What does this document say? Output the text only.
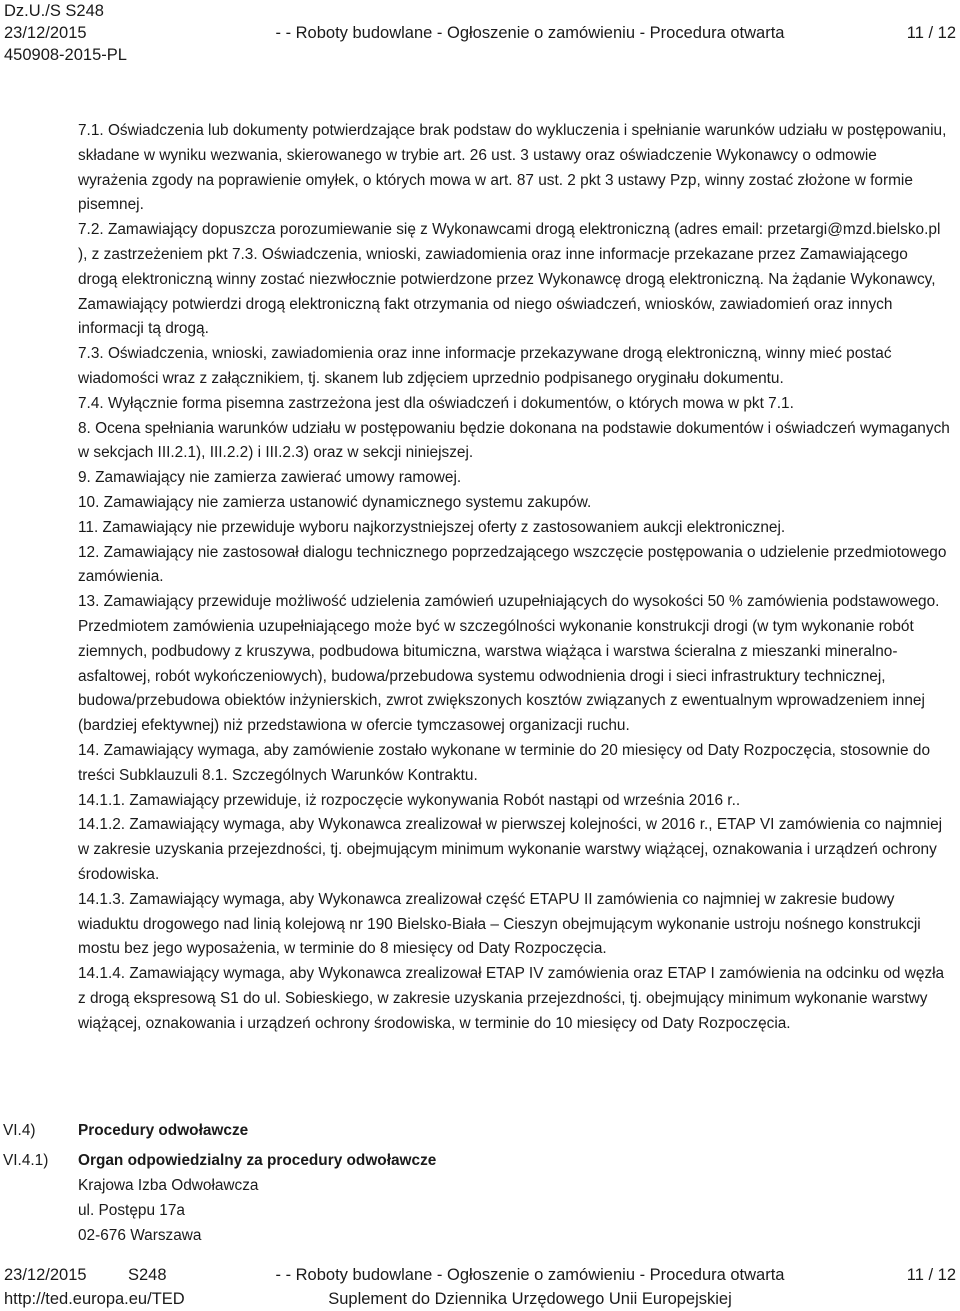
Dz.U./S S248
23/12/2015	- - Roboty budowlane - Ogłoszenie o zamówieniu - Procedura otwarta	11 / 12
450908-2015-PL

7.1. Oświadczenia lub dokumenty potwierdzające brak podstaw do wykluczenia i spełnianie warunków udziału w postępowaniu, składane w wyniku wezwania, skierowanego w trybie art. 26 ust. 3 ustawy oraz oświadczenie Wykonawcy o odmowie wyrażenia zgody na poprawienie omyłek, o których mowa w art. 87 ust. 2 pkt 3 ustawy Pzp, winny zostać złożone w formie pisemnej.

7.2. Zamawiający dopuszcza porozumiewanie się z Wykonawcami drogą elektroniczną (adres email: przetargi@mzd.bielsko.pl ), z zastrzeżeniem pkt 7.3. Oświadczenia, wnioski, zawiadomienia oraz inne informacje przekazane przez Zamawiającego drogą elektroniczną winny zostać niezwłocznie potwierdzone przez Wykonawcę drogą elektroniczną. Na żądanie Wykonawcy, Zamawiający potwierdzi drogą elektroniczną fakt otrzymania od niego oświadczeń, wniosków, zawiadomień oraz innych informacji tą drogą.

7.3. Oświadczenia, wnioski, zawiadomienia oraz inne informacje przekazywane drogą elektroniczną, winny mieć postać wiadomości wraz z załącznikiem, tj. skanem lub zdjęciem uprzednio podpisanego oryginału dokumentu.

7.4. Wyłącznie forma pisemna zastrzeżona jest dla oświadczeń i dokumentów, o których mowa w pkt 7.1.

8. Ocena spełniania warunków udziału w postępowaniu będzie dokonana na podstawie dokumentów i oświadczeń wymaganych w sekcjach III.2.1), III.2.2) i III.2.3) oraz w sekcji niniejszej.

9. Zamawiający nie zamierza zawierać umowy ramowej.

10. Zamawiający nie zamierza ustanowić dynamicznego systemu zakupów.

11. Zamawiający nie przewiduje wyboru najkorzystniejszej oferty z zastosowaniem aukcji elektronicznej.

12. Zamawiający nie zastosował dialogu technicznego poprzedzającego wszczęcie postępowania o udzielenie przedmiotowego zamówienia.

13. Zamawiający przewiduje możliwość udzielenia zamówień uzupełniających do wysokości 50 % zamówienia podstawowego. Przedmiotem zamówienia uzupełniającego może być w szczególności wykonanie konstrukcji drogi (w tym wykonanie robót ziemnych, podbudowy z kruszywa, podbudowa bitumiczna, warstwa wiążąca i warstwa ścieralna z mieszanki mineralno-asfaltowej, robót wykończeniowych), budowa/przebudowa systemu odwodnienia drogi i sieci infrastruktury technicznej, budowa/przebudowa obiektów inżynierskich, zwrot zwiększonych kosztów związanych z ewentualnym wprowadzeniem innej (bardziej efektywnej) niż przedstawiona w ofercie tymczasowej organizacji ruchu.

14. Zamawiający wymaga, aby zamówienie zostało wykonane w terminie do 20 miesięcy od Daty Rozpoczęcia, stosownie do treści Subklauzuli 8.1. Szczególnych Warunków Kontraktu.

14.1.1. Zamawiający przewiduje, iż rozpoczęcie wykonywania Robót nastąpi od września 2016 r..

14.1.2. Zamawiający wymaga, aby Wykonawca zrealizował w pierwszej kolejności, w 2016 r., ETAP VI zamówienia co najmniej w zakresie uzyskania przejezdności, tj. obejmującym minimum wykonanie warstwy wiążącej, oznakowania i urządzeń ochrony środowiska.

14.1.3. Zamawiający wymaga, aby Wykonawca zrealizował część ETAPU II zamówienia co najmniej w zakresie budowy wiaduktu drogowego nad linią kolejową nr 190 Bielsko-Biała – Cieszyn obejmującym wykonanie ustroju nośnego konstrukcji mostu bez jego wyposażenia, w terminie do 8 miesięcy od Daty Rozpoczęcia.

14.1.4. Zamawiający wymaga, aby Wykonawca zrealizował ETAP IV zamówienia oraz ETAP I zamówienia na odcinku od węzła z drogą ekspresową S1 do ul. Sobieskiego, w zakresie uzyskania przejezdności, tj. obejmujący minimum wykonanie warstwy wiążącej, oznakowania i urządzeń ochrony środowiska, w terminie do 10 miesięcy od Daty Rozpoczęcia.

VI.4)	Procedury odwoławcze
VI.4.1) Organ odpowiedzialny za procedury odwoławcze
Krajowa Izba Odwoławcza
ul. Postępu 17a
02-676 Warszawa
23/12/2015	S248	- - Roboty budowlane - Ogłoszenie o zamówieniu - Procedura otwarta	11 / 12
http://ted.europa.eu/TED	Suplement do Dziennika Urzędowego Unii Europejskiej
